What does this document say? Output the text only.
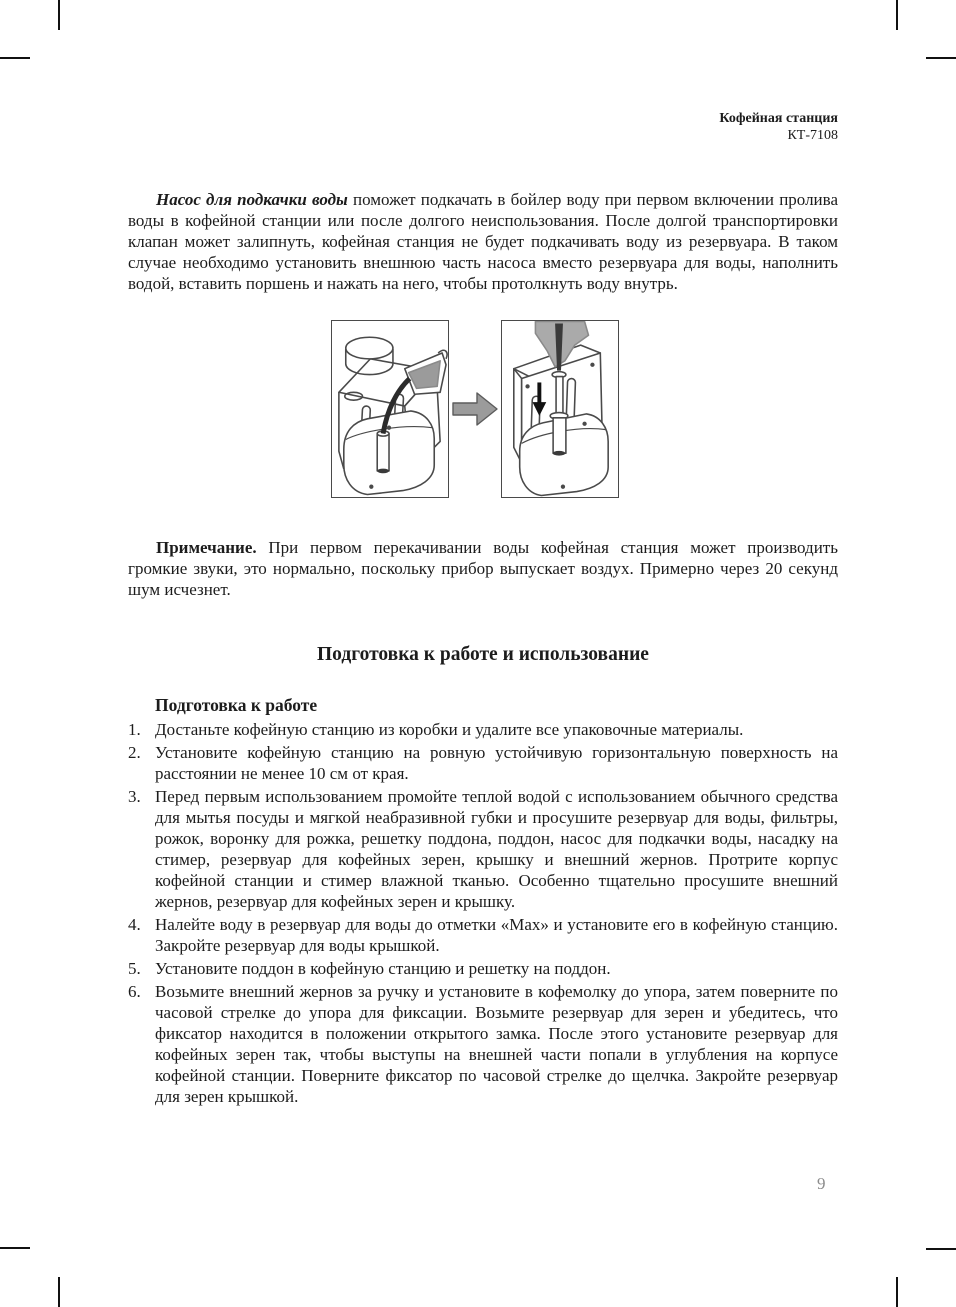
Кофейная станция
КТ-7108

Насос для подкачки воды поможет подкачать в бойлер воду при первом включении пролива воды в кофейной станции или после долгого неиспользования. После долгой транспортировки клапан может залипнуть, кофейная станция не будет подкачивать воду из резервуара. В таком случае необходимо установить внешнюю часть насоса вместо резервуара для воды, наполнить водой, вставить поршень и нажать на него, чтобы протолкнуть воду внутрь.

Примечание. При первом перекачивании воды кофейная станция может производить громкие звуки, это нормально, поскольку прибор выпускает воздух. Примерно через 20 секунд шум исчезнет.

Подготовка к работе и использование
Подготовка к работе
1. Достаньте кофейную станцию из коробки и удалите все упаковочные материалы.
2. Установите кофейную станцию на ровную устойчивую горизонтальную поверхность на расстоянии не менее 10 см от края.
3. Перед первым использованием промойте теплой водой с использованием обычного средства для мытья посуды и мягкой неабразивной губки и просушите резервуар для воды, фильтры, рожок, воронку для рожка, решетку поддона, поддон, насос для подкачки воды, насадку на стимер, резервуар для кофейных зерен, крышку и внешний жернов. Протрите корпус кофейной станции и стимер влажной тканью. Особенно тщательно просушите внешний жернов, резервуар для кофейных зерен и крышку.
4. Налейте воду в резервуар для воды до отметки «Мах» и установите его в кофейную станцию. Закройте резервуар для воды крышкой.
5. Установите поддон в кофейную станцию и решетку на поддон.
6. Возьмите внешний жернов за ручку и установите в кофемолку до упора, затем поверните по часовой стрелке до упора для фиксации. Возьмите резервуар для зерен и убедитесь, что фиксатор находится в положении открытого замка. После этого установите резервуар для кофейных зерен так, чтобы выступы на внешней части попали в углубления на корпусе кофейной станции. Поверните фиксатор по часовой стрелке до щелчка. Закройте резервуар для зерен крышкой.
9
